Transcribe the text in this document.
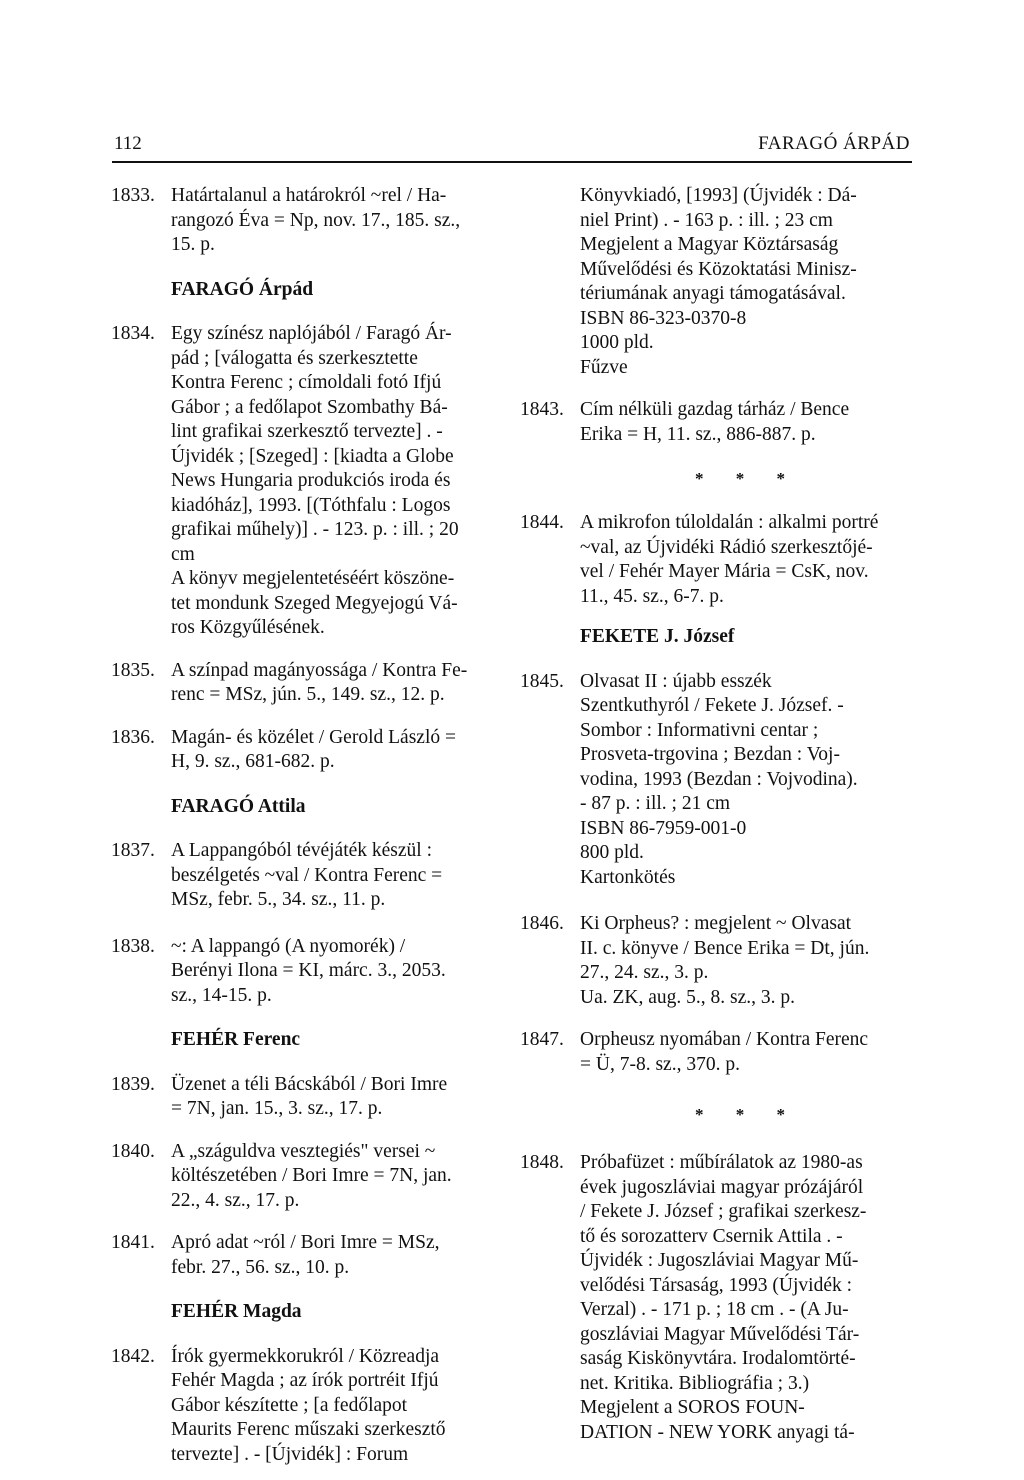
112	FARAGÓ ÁRPÁD
1833. Határtalanul a határokról ~rel / Ha-
rangozó Éva = Np, nov. 17., 185. sz.,
15. p.
FARAGÓ Árpád
1834. Egy színész naplójából / Faragó Ár-
pád ; [válogatta és szerkesztette
Kontra Ferenc ; címoldali fotó Ifjú
Gábor ; a fedőlapot Szombathy Bá-
lint grafikai szerkesztő tervezte] . -
Újvidék ; [Szeged] : [kiadta a Globe
News Hungaria produkciós iroda és
kiadóház], 1993. [(Tóthfalu : Logos
grafikai műhely)] . - 123. p. : ill. ; 20
cm
A könyv megjelentetéséért köszöne-
tet mondunk Szeged Megyejogú Vá-
ros Közgyűlésének.
1835. A színpad magányossága / Kontra Fe-
renc = MSz, jún. 5., 149. sz., 12. p.
1836. Magán- és közélet / Gerold László =
H, 9. sz., 681-682. p.
FARAGÓ Attila
1837. A Lappangóból tévéjáték készül :
beszélgetés ~val / Kontra Ferenc =
MSz, febr. 5., 34. sz., 11. p.
1838. ~: A lappangó (A nyomorék) /
Berényi Ilona = KI, márc. 3., 2053.
sz., 14-15. p.
FEHÉR Ferenc
1839. Üzenet a téli Bácskából / Bori Imre
= 7N, jan. 15., 3. sz., 17. p.
1840. A „száguldva vesztegiés" versei ~
költészetében / Bori Imre = 7N, jan.
22., 4. sz., 17. p.
1841. Apró adat ~ról / Bori Imre = MSz,
febr. 27., 56. sz., 10. p.
FEHÉR Magda
1842. Írók gyermekkorukról / Közreadja
Fehér Magda ; az írók portréit Ifjú
Gábor készítette ; [a fedőlapot
Maurits Ferenc műszaki szerkesztő
tervezte] . - [Újvidék] : Forum
Könyvkiadó, [1993] (Újvidék : Dá-
niel Print) . - 163 p. : ill. ; 23 cm
Megjelent a Magyar Köztársaság
Művelődési és Közoktatási Minisz-
tériumának anyagi támogatásával.
ISBN 86-323-0370-8
1000 pld.
Fűzve
1843. Cím nélküli gazdag tárház / Bence
Erika = H, 11. sz., 886-887. p.
* * *
1844. A mikrofon túloldalán : alkalmi portré
~val, az Újvidéki Rádió szerkesztőjé-
vel / Fehér Mayer Mária = CsK, nov.
11., 45. sz., 6-7. p.
FEKETE J. József
1845. Olvasat II : újabb esszék
Szentkuthyról / Fekete J. József. -
Sombor : Informativni centar ;
Prosveta-trgovina ; Bezdan : Voj-
vodina, 1993 (Bezdan : Vojvodina).
- 87 p. : ill. ; 21 cm
ISBN 86-7959-001-0
800 pld.
Kartonkötés
1846. Ki Orpheus? : megjelent ~ Olvasat
II. c. könyve / Bence Erika = Dt, jún.
27., 24. sz., 3. p.
Ua. ZK, aug. 5., 8. sz., 3. p.
1847. Orpheusz nyomában / Kontra Ferenc
= Ü, 7-8. sz., 370. p.
* * *
1848. Próbafüzet : műbírálatok az 1980-as
évek jugoszláviai magyar prózájáról
/ Fekete J. József ; grafikai szerkesz-
tő és sorozatterv Csernik Attila . -
Újvidék : Jugoszláviai Magyar Mű-
velődési Társaság, 1993 (Újvidék :
Verzal) . - 171 p. ; 18 cm . - (A Ju-
goszláviai Magyar Művelődési Tár-
saság Kiskönyvtára. Irodalomtörté-
net. Kritika. Bibliográfia ; 3.)
Megjelent a SOROS FOUN-
DATION - NEW YORK anyagi tá-
